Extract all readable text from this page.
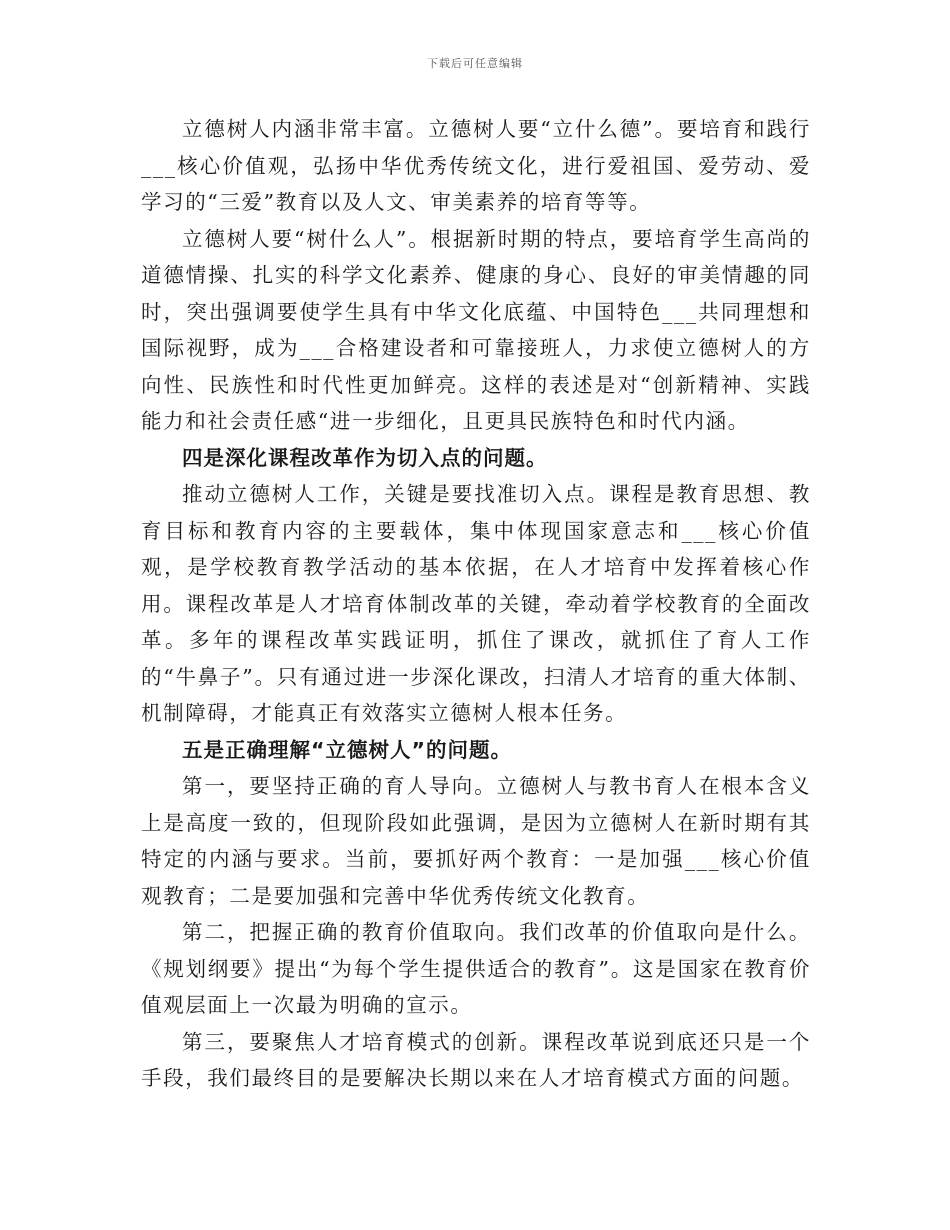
下载后可任意编辑

立德树人内涵非常丰富。立德树人要“立什么德”。要培育和践行___核心价值观，弘扬中华优秀传统文化，进行爱祖国、爱劳动、爱学习的“三爱”教育以及人文、审美素养的培育等等。

立德树人要“树什么人”。根据新时期的特点，要培育学生高尚的道德情操、扎实的科学文化素养、健康的身心、良好的审美情趣的同时，突出强调要使学生具有中华文化底蕴、中国特色___共同理想和国际视野，成为___合格建设者和可靠接班人，力求使立德树人的方向性、民族性和时代性更加鲜亮。这样的表述是对“创新精神、实践能力和社会责任感“进一步细化，且更具民族特色和时代内涵。

四是深化课程改革作为切入点的问题。

推动立德树人工作，关键是要找准切入点。课程是教育思想、教育目标和教育内容的主要载体，集中体现国家意志和___核心价值观，是学校教育教学活动的基本依据，在人才培育中发挥着核心作用。课程改革是人才培育体制改革的关键，牵动着学校教育的全面改革。多年的课程改革实践证明，抓住了课改，就抓住了育人工作的“牛鼻子”。只有通过进一步深化课改，扫清人才培育的重大体制、机制障碍，才能真正有效落实立德树人根本任务。

五是正确理解“立德树人”的问题。

第一，要坚持正确的育人导向。立德树人与教书育人在根本含义上是高度一致的，但现阶段如此强调，是因为立德树人在新时期有其特定的内涵与要求。当前，要抓好两个教育：一是加强___核心价值观教育；二是要加强和完善中华优秀传统文化教育。

第二，把握正确的教育价值取向。我们改革的价值取向是什么。《规划纲要》提出“为每个学生提供适合的教育”。这是国家在教育价值观层面上一次最为明确的宣示。

第三，要聚焦人才培育模式的创新。课程改革说到底还只是一个手段，我们最终目的是要解决长期以来在人才培育模式方面的问题。
